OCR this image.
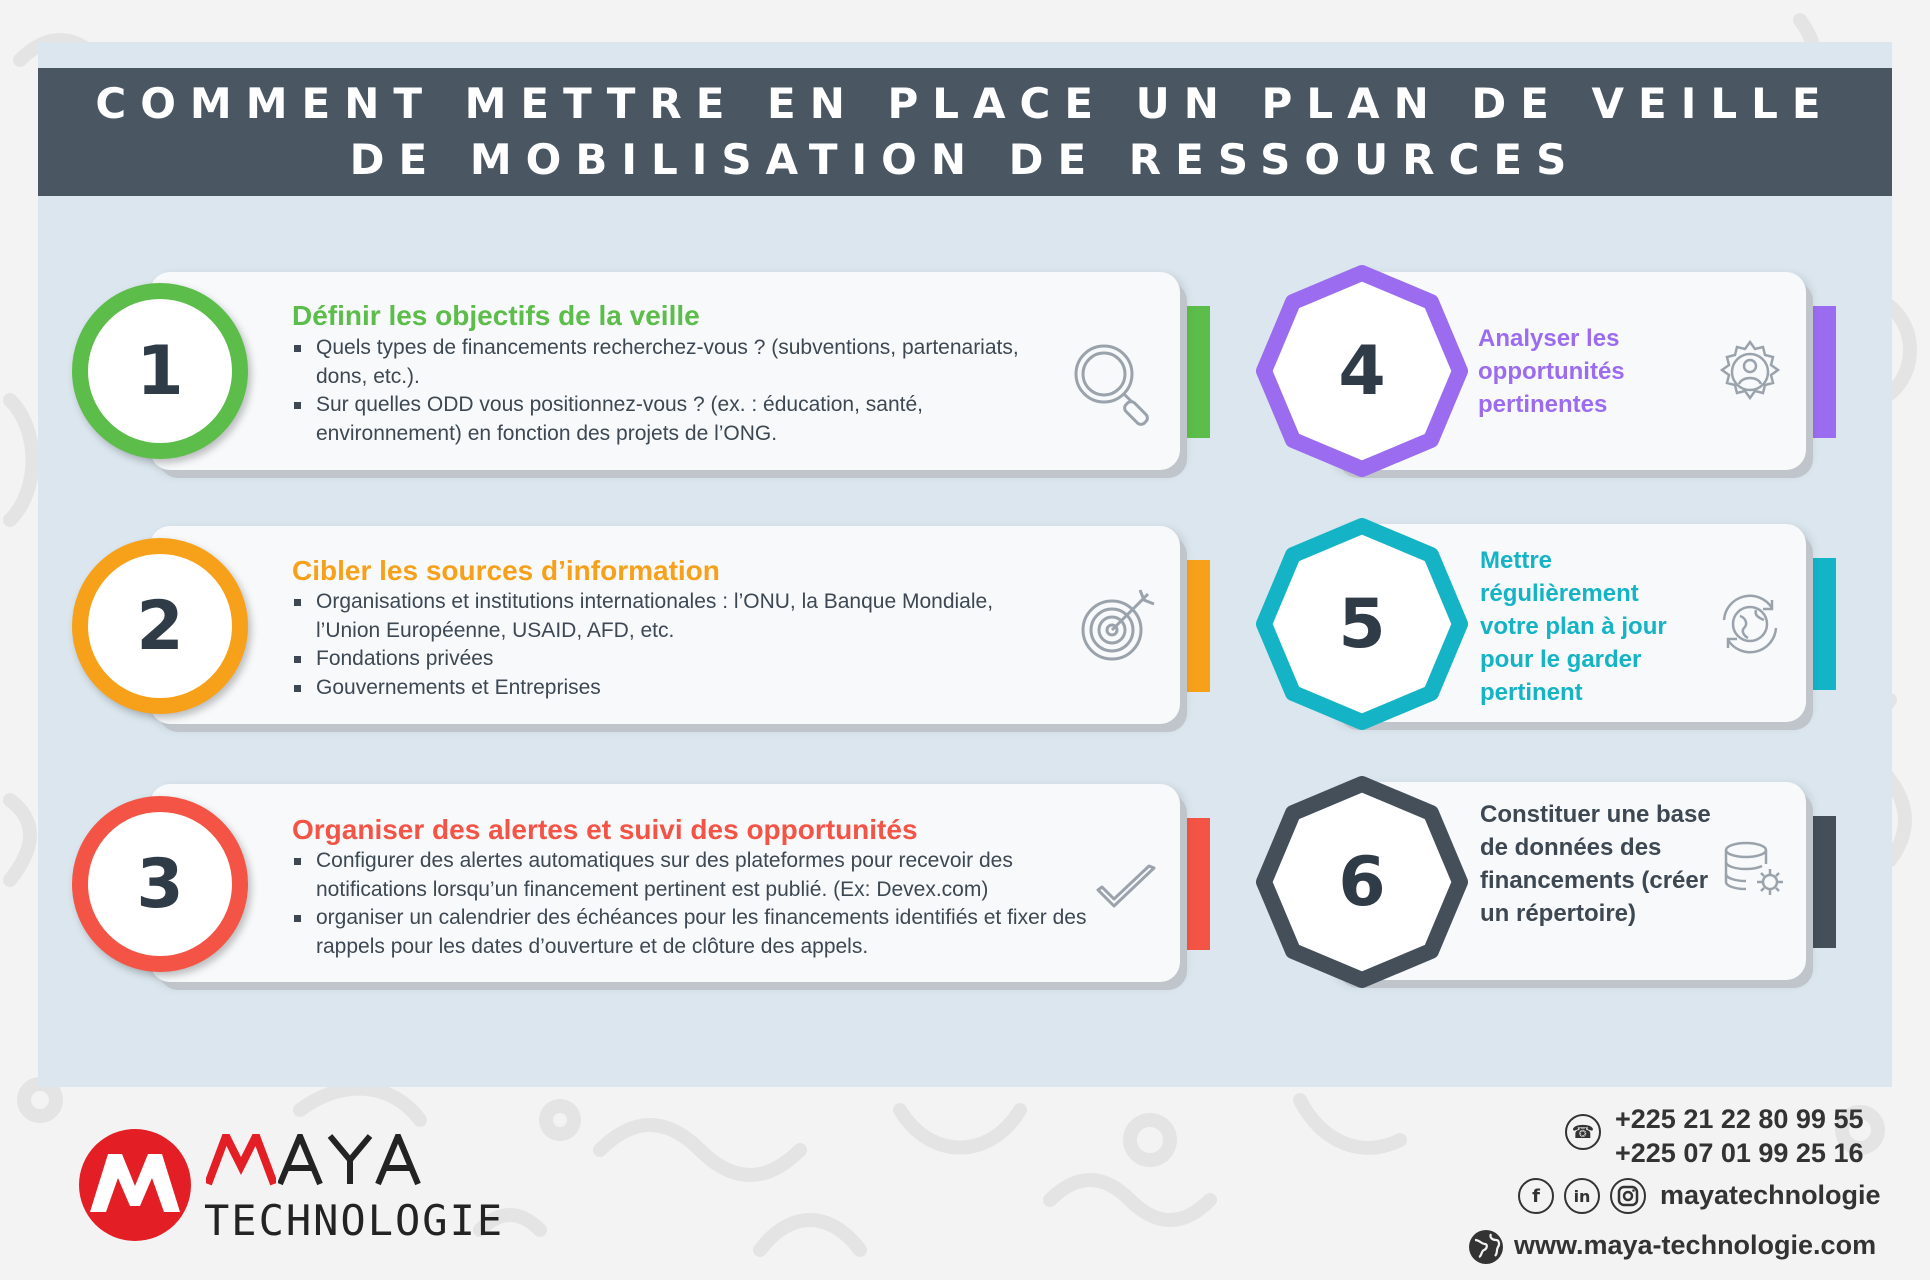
COMMENT METTRE EN PLACE UN PLAN DE VEILLE
DE MOBILISATION DE RESSOURCES
1
Définir les objectifs de la veille
Quels types de financements recherchez-vous ? (subventions, partenariats, dons, etc.).
Sur quelles ODD vous positionnez-vous ? (ex. : éducation, santé, environnement) en fonction des projets de l’ONG.
2
Cibler les sources d’information
Organisations et institutions internationales : l’ONU, la Banque Mondiale, l’Union Européenne, USAID, AFD, etc.
Fondations privées
Gouvernements et Entreprises
3
Organiser des alertes et suivi des opportunités
Configurer des alertes automatiques sur des plateformes pour recevoir des notifications lorsqu’un financement pertinent est publié. (Ex: Devex.com)
organiser un calendrier des échéances pour les financements identifiés et fixer des rappels pour les dates d’ouverture et de clôture des appels.
4	Analyser les opportunités pertinentes
5
Mettre régulièrement votre plan à jour pour le garder pertinent
6
Constituer une base de données des financements (créer un répertoire)
TECHNOLOGIE
☎ +225 21 22 80 99 55
+225 07 01 99 25 16
f	in	mayatechnologie
www.maya-technologie.com
